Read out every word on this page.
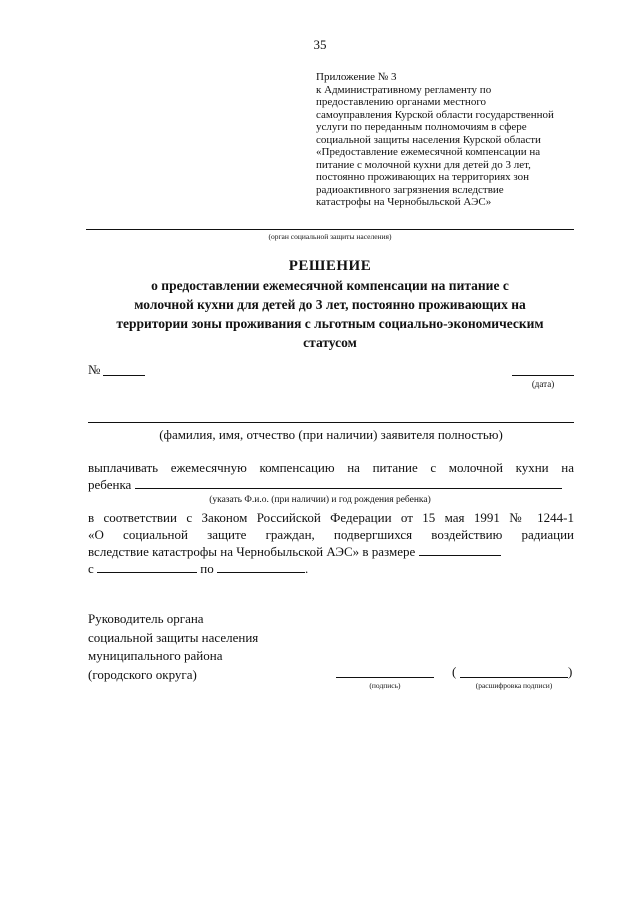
35
Приложение № 3
к Административному регламенту по
предоставлению органами местного
самоуправления Курской области государственной
услуги по переданным полномочиям в сфере
социальной защиты населения Курской области
«Предоставление ежемесячной компенсации на
питание с молочной кухни для детей до 3 лет,
постоянно проживающих на территориях зон
радиоактивного загрязнения вследствие
катастрофы на Чернобыльской АЭС»
(орган социальной защиты населения)
РЕШЕНИЕ
о предоставлении ежемесячной компенсации на питание с
молочной кухни для детей до 3 лет, постоянно проживающих на
территории зоны проживания с льготным социально-экономическим
статусом
№
(дата)
(фамилия, имя, отчество (при наличии) заявителя полностью)
выплачивать ежемесячную компенсацию на питание с молочной кухни на
ребенка
(указать Ф.и.о. (при наличии) и год рождения ребенка)
в соответствии с Законом Российской Федерации от 15 мая 1991 № 1244-1
«О социальной защите граждан, подвергшихся воздействию радиации
вследствие катастрофы на Чернобыльской АЭС» в размере
с	по	.
Руководитель органа
социальной защиты населения
муниципального района
(городского округа)
(подпись)
(	)
(расшифровка подписи)
